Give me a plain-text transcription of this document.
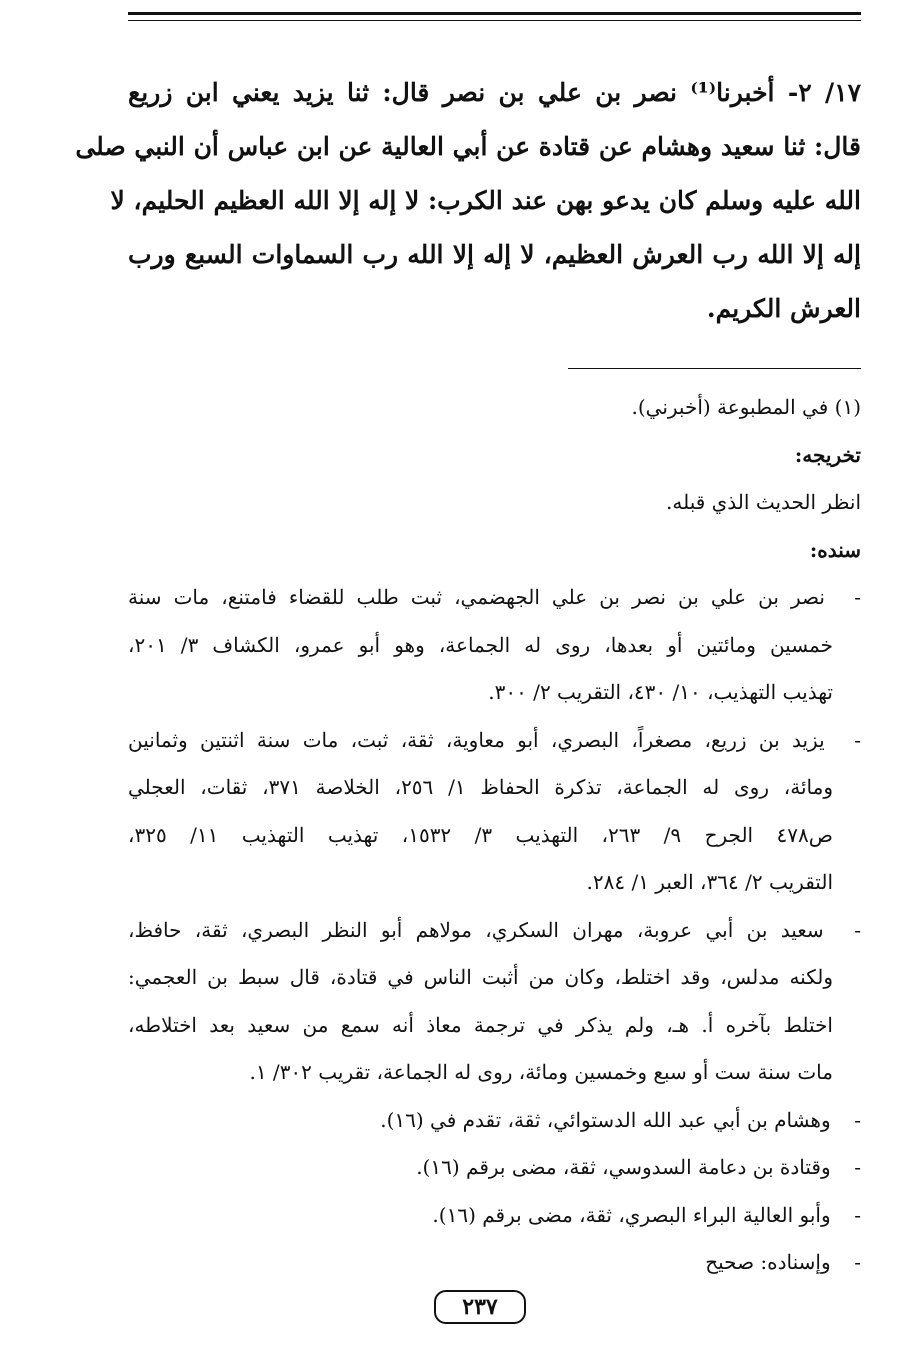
١٧/ ٢- أخبرنا⁽¹⁾ نصر بن علي بن نصر قال: ثنا يزيد يعني ابن زريع
قال: ثنا سعيد وهشام عن قتادة عن أبي العالية عن ابن عباس أن النبي صلى
الله عليه وسلم كان يدعو بهن عند الكرب: لا إله إلا الله العظيم الحليم، لا
إله إلا الله رب العرش العظيم، لا إله إلا الله رب السماوات السبع ورب
العرش الكريم.
(١) في المطبوعة (أخبرني).
تخريجه:
انظر الحديث الذي قبله.
سنده:
- نصر بن علي بن نصر بن علي الجهضمي، ثبت طلب للقضاء فامتنع، مات سنة
خمسين ومائتين أو بعدها، روى له الجماعة، وهو أبو عمرو، الكشاف ٣/ ٢٠١،
تهذيب التهذيب، ١٠/ ٤٣٠، التقريب ٢/ ٣٠٠.
- يزيد بن زريع، مصغراً، البصري، أبو معاوية، ثقة، ثبت، مات سنة اثنتين وثمانين
ومائة، روى له الجماعة، تذكرة الحفاظ ١/ ٢٥٦، الخلاصة ٣٧١، ثقات، العجلي
ص٤٧٨ الجرح ٩/ ٢٦٣، التهذيب ٣/ ١٥٣٢، تهذيب التهذيب ١١/ ٣٢٥،
التقريب ٢/ ٣٦٤، العبر ١/ ٢٨٤.
- سعيد بن أبي عروبة، مهران السكري، مولاهم أبو النظر البصري، ثقة، حافظ،
ولكنه مدلس، وقد اختلط، وكان من أثبت الناس في قتادة، قال سبط بن العجمي:
اختلط بآخره أ. هـ، ولم يذكر في ترجمة معاذ أنه سمع من سعيد بعد اختلاطه،
مات سنة ست أو سبع وخمسين ومائة، روى له الجماعة، تقريب ٣٠٢/ ١.
- وهشام بن أبي عبد الله الدستوائي، ثقة، تقدم في (١٦).
- وقتادة بن دعامة السدوسي، ثقة، مضى برقم (١٦).
- وأبو العالية البراء البصري، ثقة، مضى برقم (١٦).
- وإسناده: صحيح
٢٣٧
